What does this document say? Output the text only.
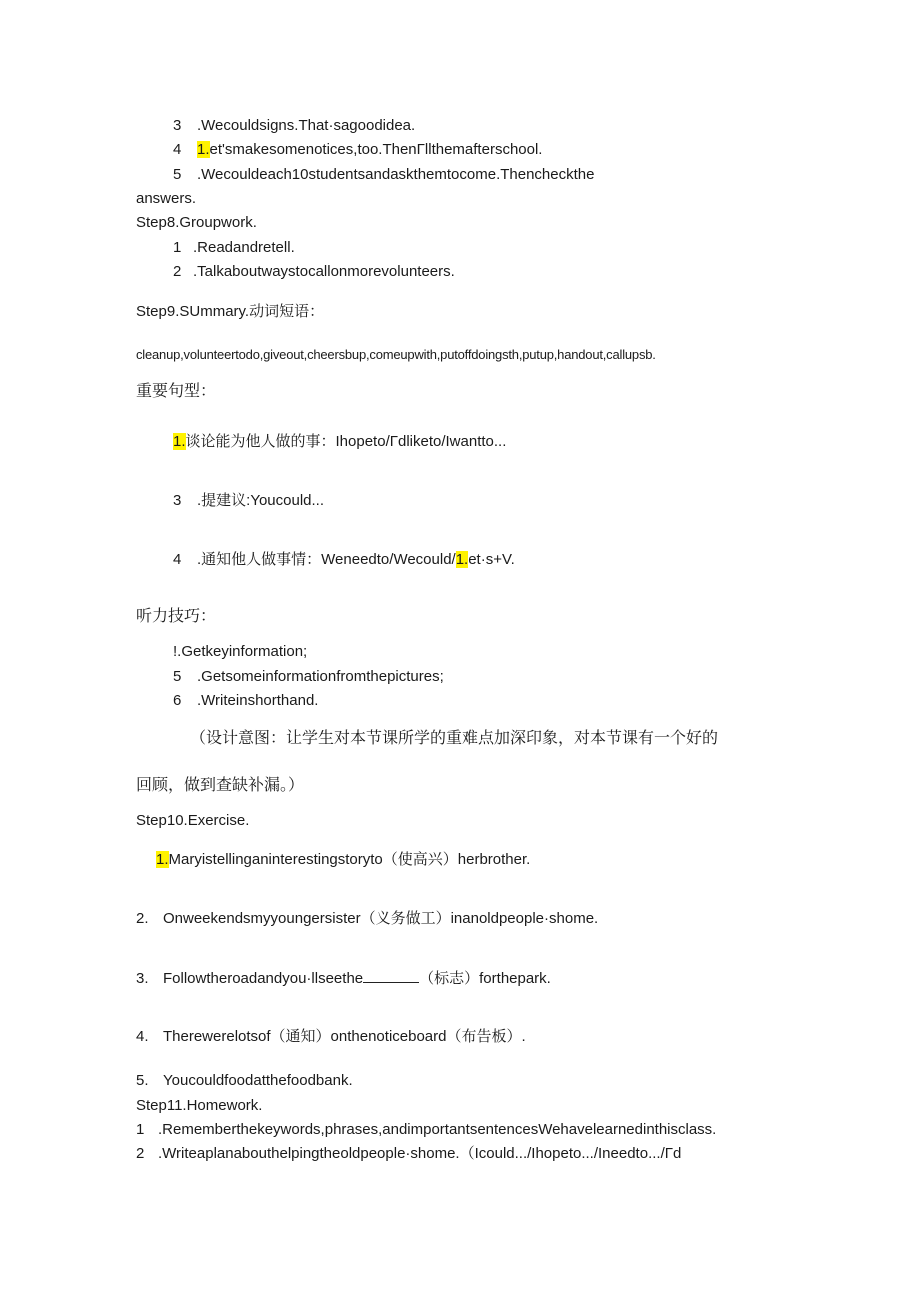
3 .Wecouldsigns.That·sagoodidea.
4 1.et'smakesomenotices,too.ThenΓllthemafterschool.
5 .Wecouldeach10studentsandaskthemtocome.Thencheckthe
answers.
Step8.Groupwork.
1 .Readandretell.
2 .Talkaboutwaystocallonmorevolunteers.
Step9.SUmmary.动词短语：
cleanup,volunteertodo,giveout,cheersbup,comeupwith,putoffdoingsth,putup,handout,callupsb.
重要句型：
1.谈论能为他人做的事：Ihopeto/Γdliketo/Iwantto...
3 .提建议:Youcould...
4 .通知他人做事情：Weneedto/Wecould/1.et·s+V.
听力技巧：
!.Getkeyinformation;
5 .Getsomeinformationfromthepictures;
6 .Writeinshorthand.
（设计意图：让学生对本节课所学的重难点加深印象，对本节课有一个好的
回顾，做到查缺补漏。）
Step10.Exercise.
1.Maryistellinganinterestingstoryto（使高兴）herbrother.
2. Onweekendsmyyoungersister（义务做工）inanoldpeople·shome.
3. Followtheroadandyou·llseethe	（标志）forthepark.
4. Therewerelotsof（通知）onthenoticeboard（布告板）.
5. Youcouldfoodatthefoodbank.
Step11.Homework.
1 .Rememberthekeywords,phrases,andimportantsentencesWehavelearnedinthisclass.
2 .Writeaplanabouthelpingtheoldpeople·shome.（Icould.../Ihopeto.../Ineedto.../Γd
